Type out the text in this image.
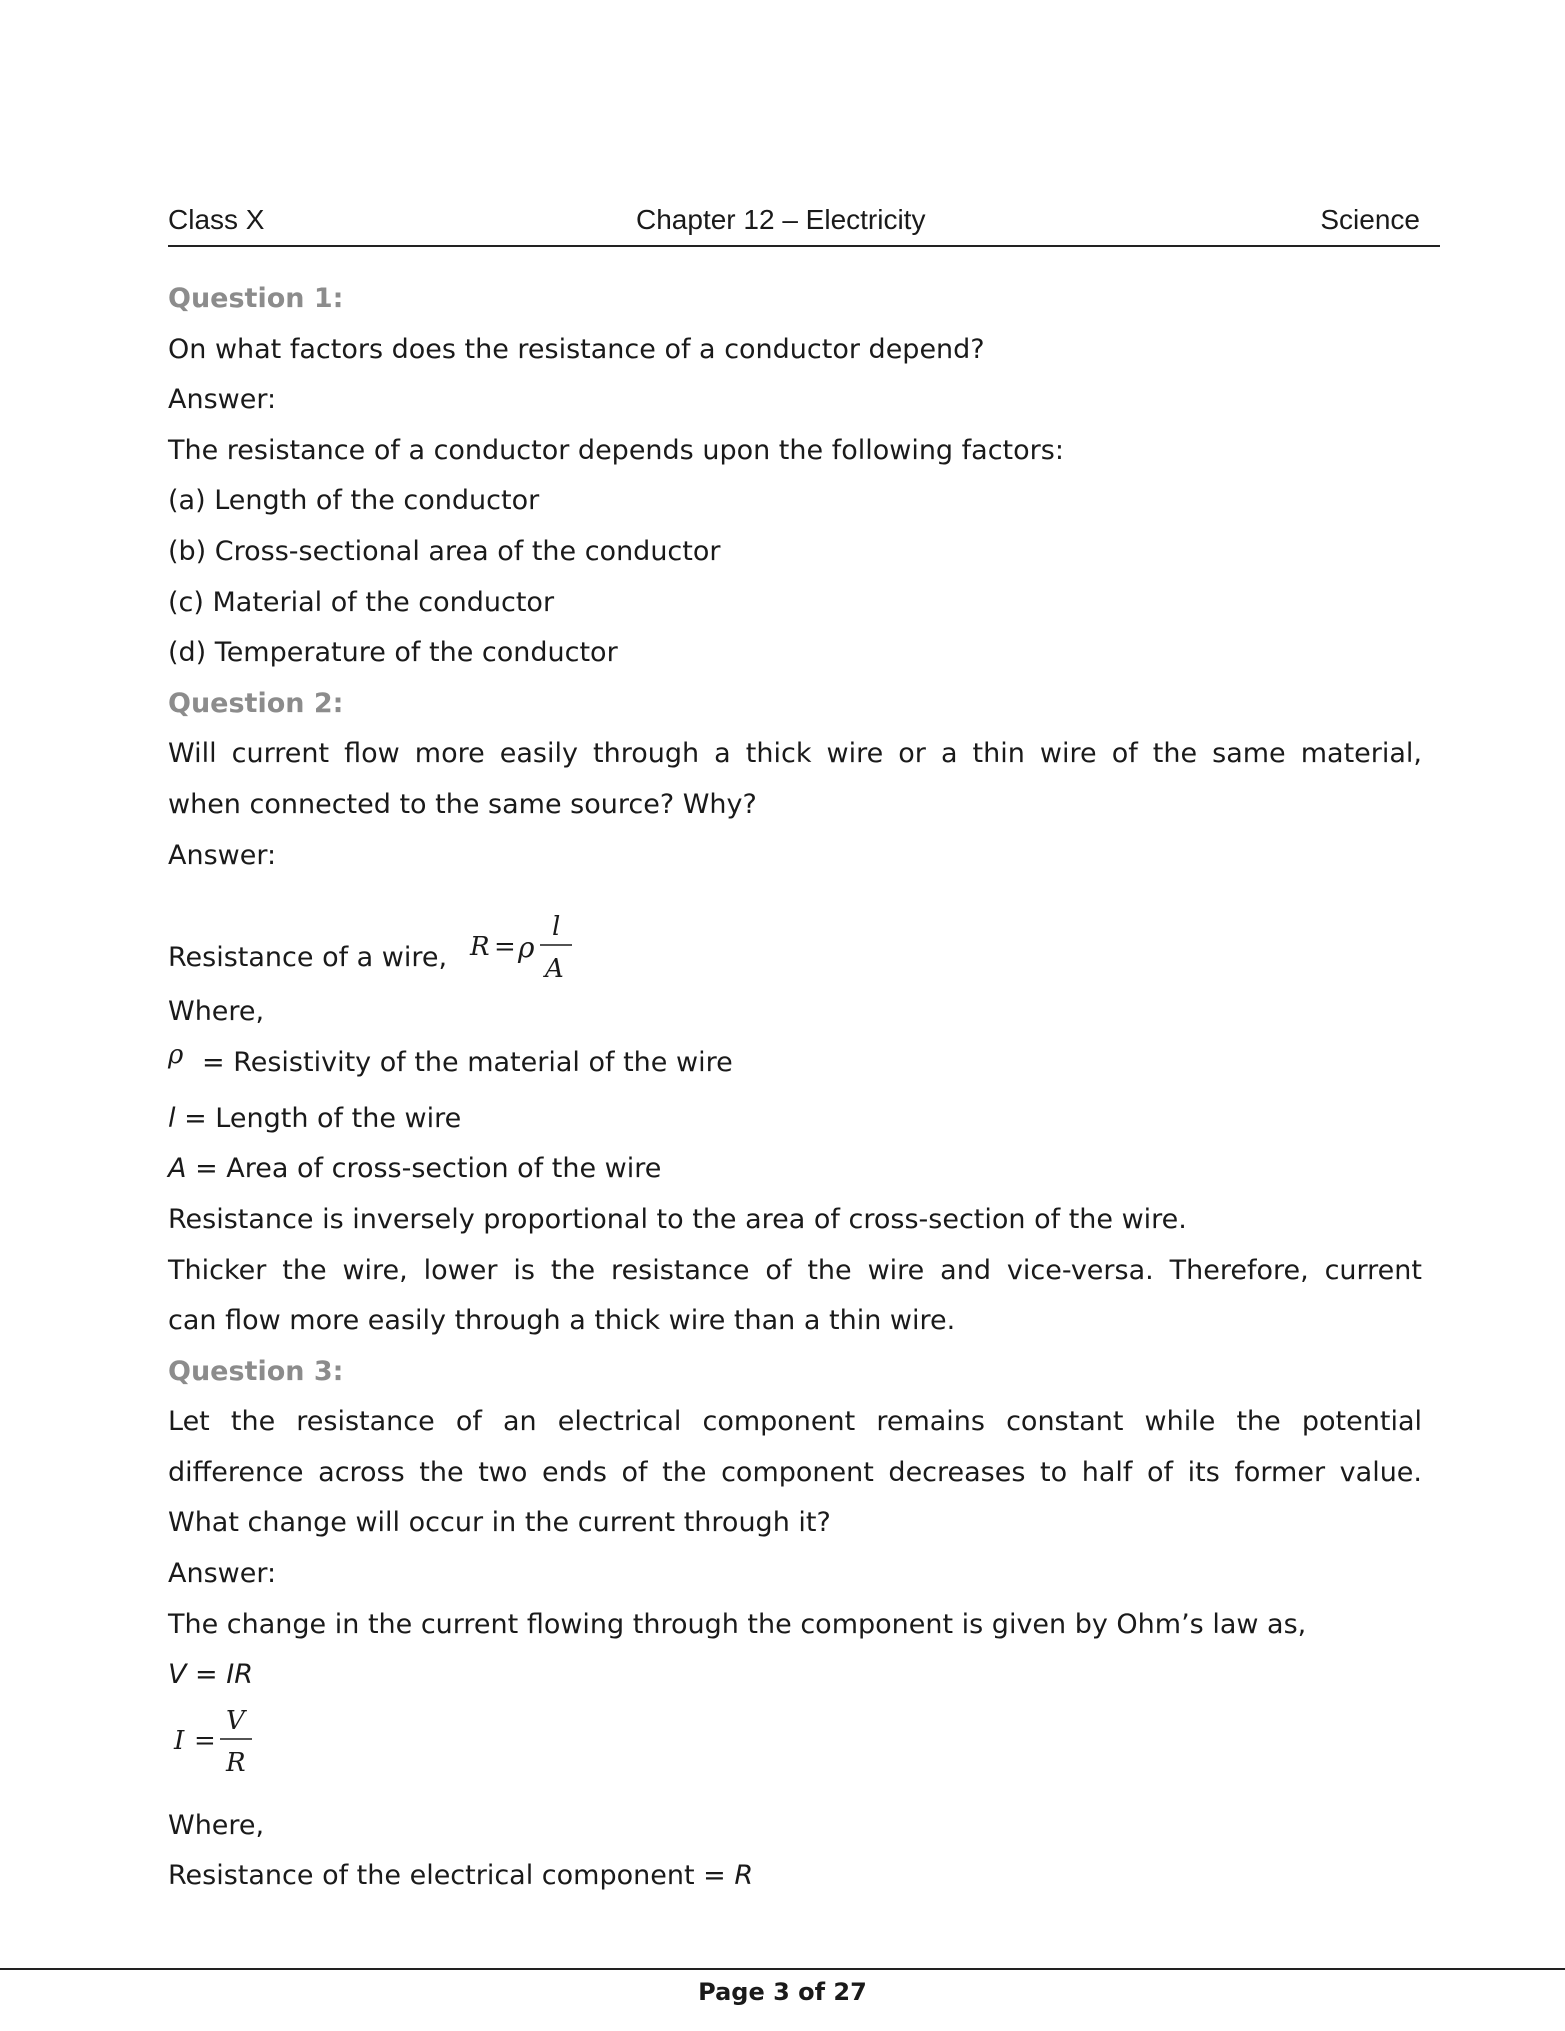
Class X	Chapter 12 – Electricity	Science

Question 1:

On what factors does the resistance of a conductor depend?

Answer:

The resistance of a conductor depends upon the following factors:

(a) Length of the conductor

(b) Cross-sectional area of the conductor

(c) Material of the conductor

(d) Temperature of the conductor

Question 2:

Will current flow more easily through a thick wire or a thin wire of the same material,

when connected to the same source? Why?

Answer:

Resistance of a wire, R = ρ
l
A

Where,

ρ = Resistivity of the material of the wire

l = Length of the wire

A = Area of cross-section of the wire

Resistance is inversely proportional to the area of cross-section of the wire.

Thicker the wire, lower is the resistance of the wire and vice-versa. Therefore, current

can flow more easily through a thick wire than a thin wire.

Question 3:

Let the resistance of an electrical component remains constant while the potential

difference across the two ends of the component decreases to half of its former value.

What change will occur in the current through it?

Answer:

The change in the current flowing through the component is given by Ohm’s law as,

V = IR

I =
V
R

Where,

Resistance of the electrical component = R

Page 3 of 27
